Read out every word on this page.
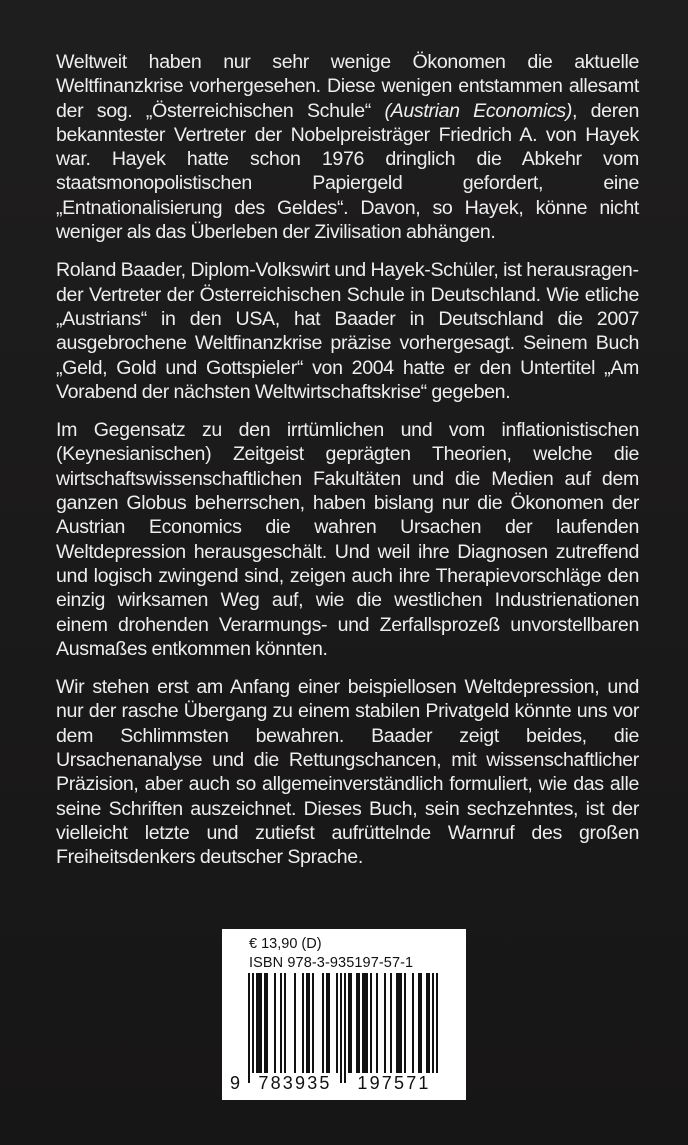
Weltweit haben nur sehr wenige Ökonomen die aktuelle Weltfinanzkrise vorhergesehen. Diese wenigen entstammen allesamt der sog. „Österreichischen Schule“ (Austrian Economics), deren bekanntester Vertreter der Nobelpreisträger Friedrich A. von Hayek war. Hayek hatte schon 1976 dringlich die Abkehr vom staatsmonopolistischen Papiergeld gefordert, eine „Entnationalisierung des Geldes“. Davon, so Hayek, könne nicht weniger als das Überleben der Zivilisation abhängen.

Roland Baader, Diplom-Volkswirt und Hayek-Schüler, ist herausragender Vertreter der Österreichischen Schule in Deutschland. Wie etliche „Austrians“ in den USA, hat Baader in Deutschland die 2007 ausgebrochene Weltfinanzkrise präzise vorhergesagt. Seinem Buch „Geld, Gold und Gottspieler“ von 2004 hatte er den Untertitel „Am Vorabend der nächsten Weltwirtschaftskrise“ gegeben.

Im Gegensatz zu den irrtümlichen und vom inflationistischen (Keynesianischen) Zeitgeist geprägten Theorien, welche die wirtschaftswissenschaftlichen Fakultäten und die Medien auf dem ganzen Globus beherrschen, haben bislang nur die Ökonomen der Austrian Economics die wahren Ursachen der laufenden Weltdepression herausgeschält. Und weil ihre Diagnosen zutreffend und logisch zwingend sind, zeigen auch ihre Therapievorschläge den einzig wirksamen Weg auf, wie die westlichen Industrienationen einem drohenden Verarmungs- und Zerfallsprozeß unvorstellbaren Ausmaßes entkommen könnten.

Wir stehen erst am Anfang einer beispiellosen Weltdepression, und nur der rasche Übergang zu einem stabilen Privatgeld könnte uns vor dem Schlimmsten bewahren. Baader zeigt beides, die Ursachenanalyse und die Rettungschancen, mit wissenschaftlicher Präzision, aber auch so allgemeinverständlich formuliert, wie das alle seine Schriften auszeichnet. Dieses Buch, sein sechzehntes, ist der vielleicht letzte und zutiefst aufrüttelnde Warnruf des großen Freiheitsdenkers deutscher Sprache.

€ 13,90 (D)
ISBN 978-3-935197-57-1
9	783935	197571
